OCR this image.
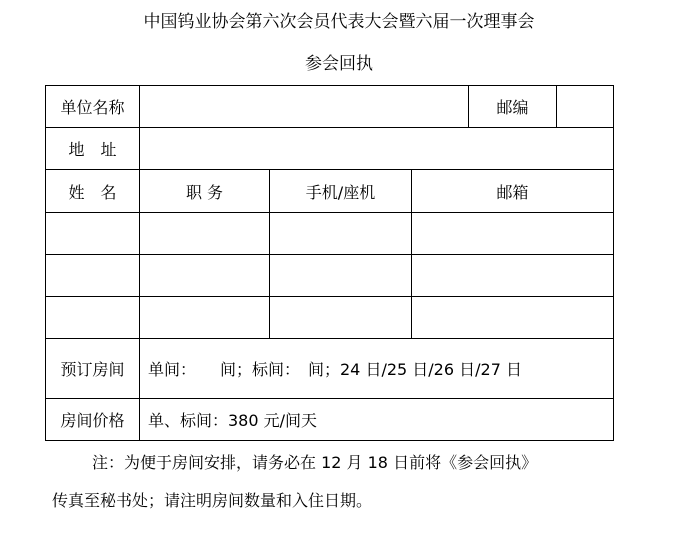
中国钨业协会第六次会员代表大会暨六届一次理事会
参会回执
单位名称				邮编	
地　址					
姓　名	职 务	手机/座机	邮箱		

预订房间	单间：　　间；标间：　间；24 日/25 日/26 日/27 日				
房间价格	单、标间：380 元/间天				
注：为便于房间安排，请务必在 12 月 18 日前将《参会回执》
传真至秘书处；请注明房间数量和入住日期。
